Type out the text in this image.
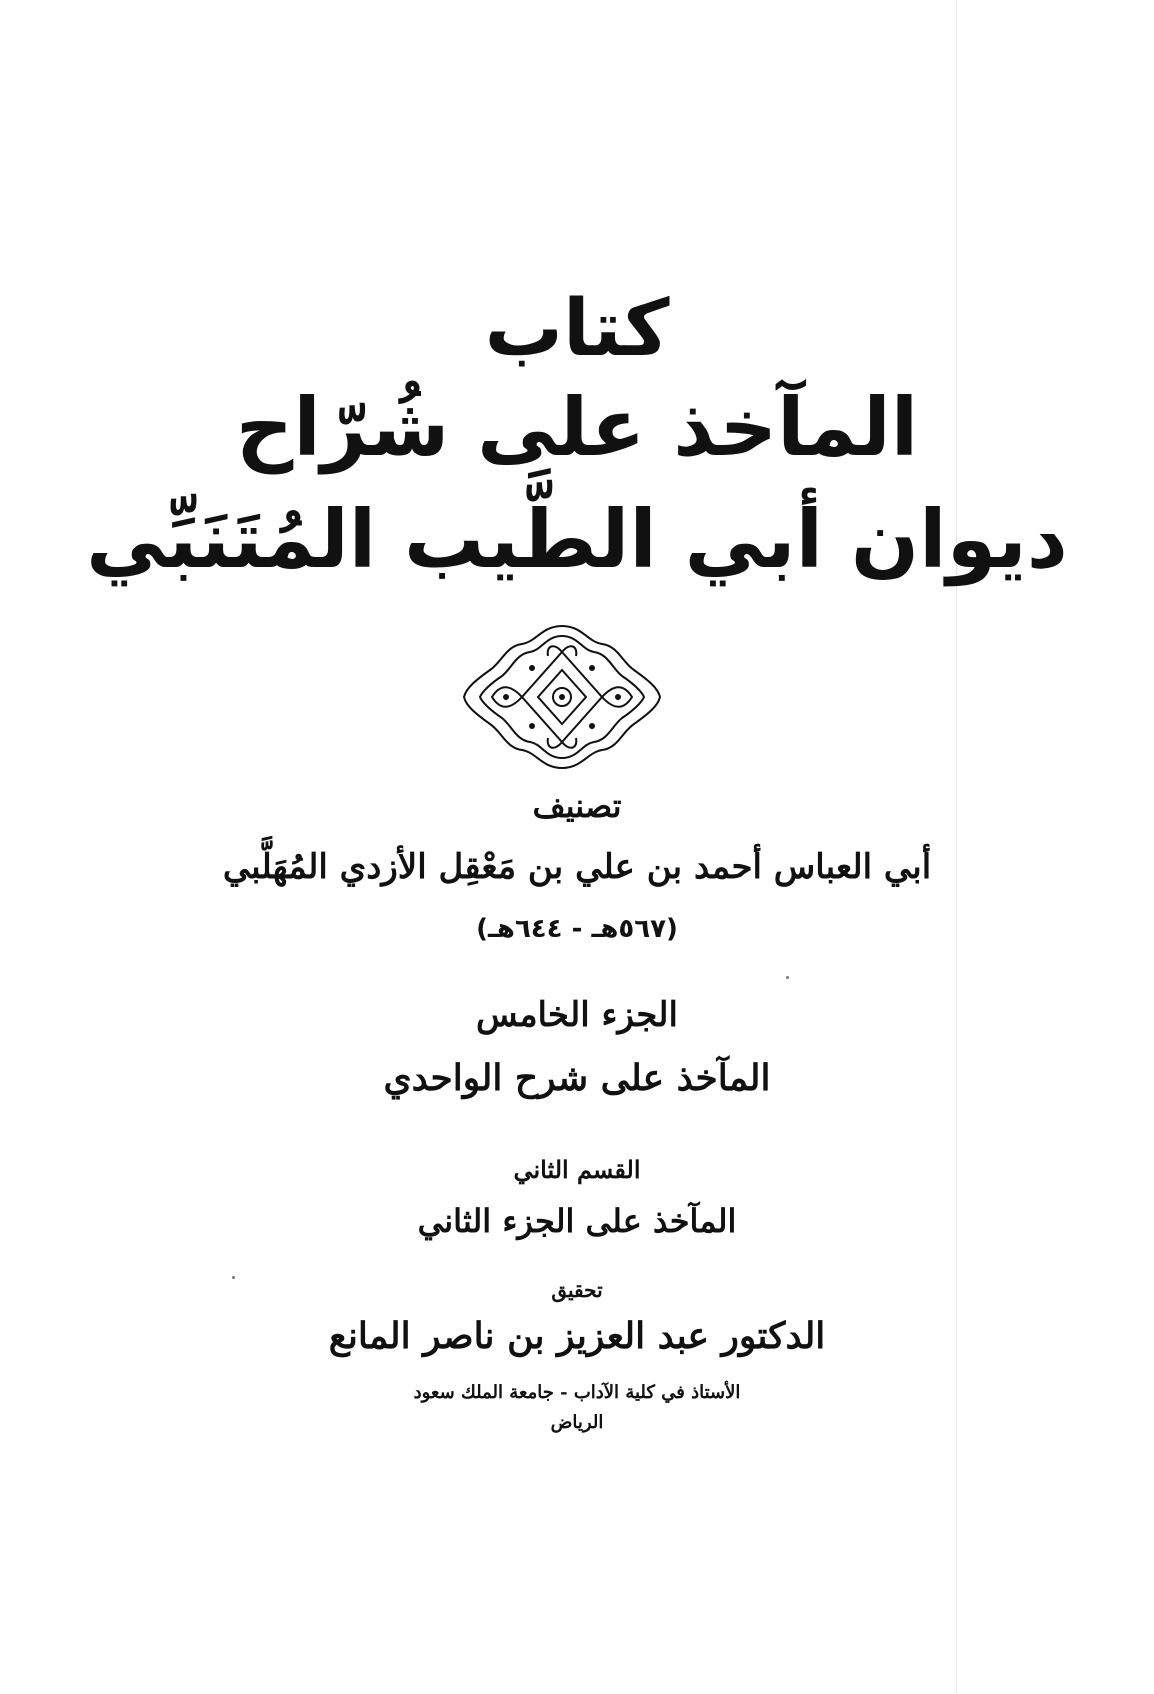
كتاب
المآخذ على شُرّاح
ديوان أبي الطَّيب المُتَنَبِّي
تصنيف
أبي العباس أحمد بن علي بن مَعْقِل الأزدي المُهَلَّبي
(٥٦٧هـ - ٦٤٤هـ)
الجزء الخامس
المآخذ على شرح الواحدي
القسم الثاني
المآخذ على الجزء الثاني
تحقيق
الدكتور عبد العزيز بن ناصر المانع
الأستاذ في كلية الآداب - جامعة الملك سعود
الرياض
